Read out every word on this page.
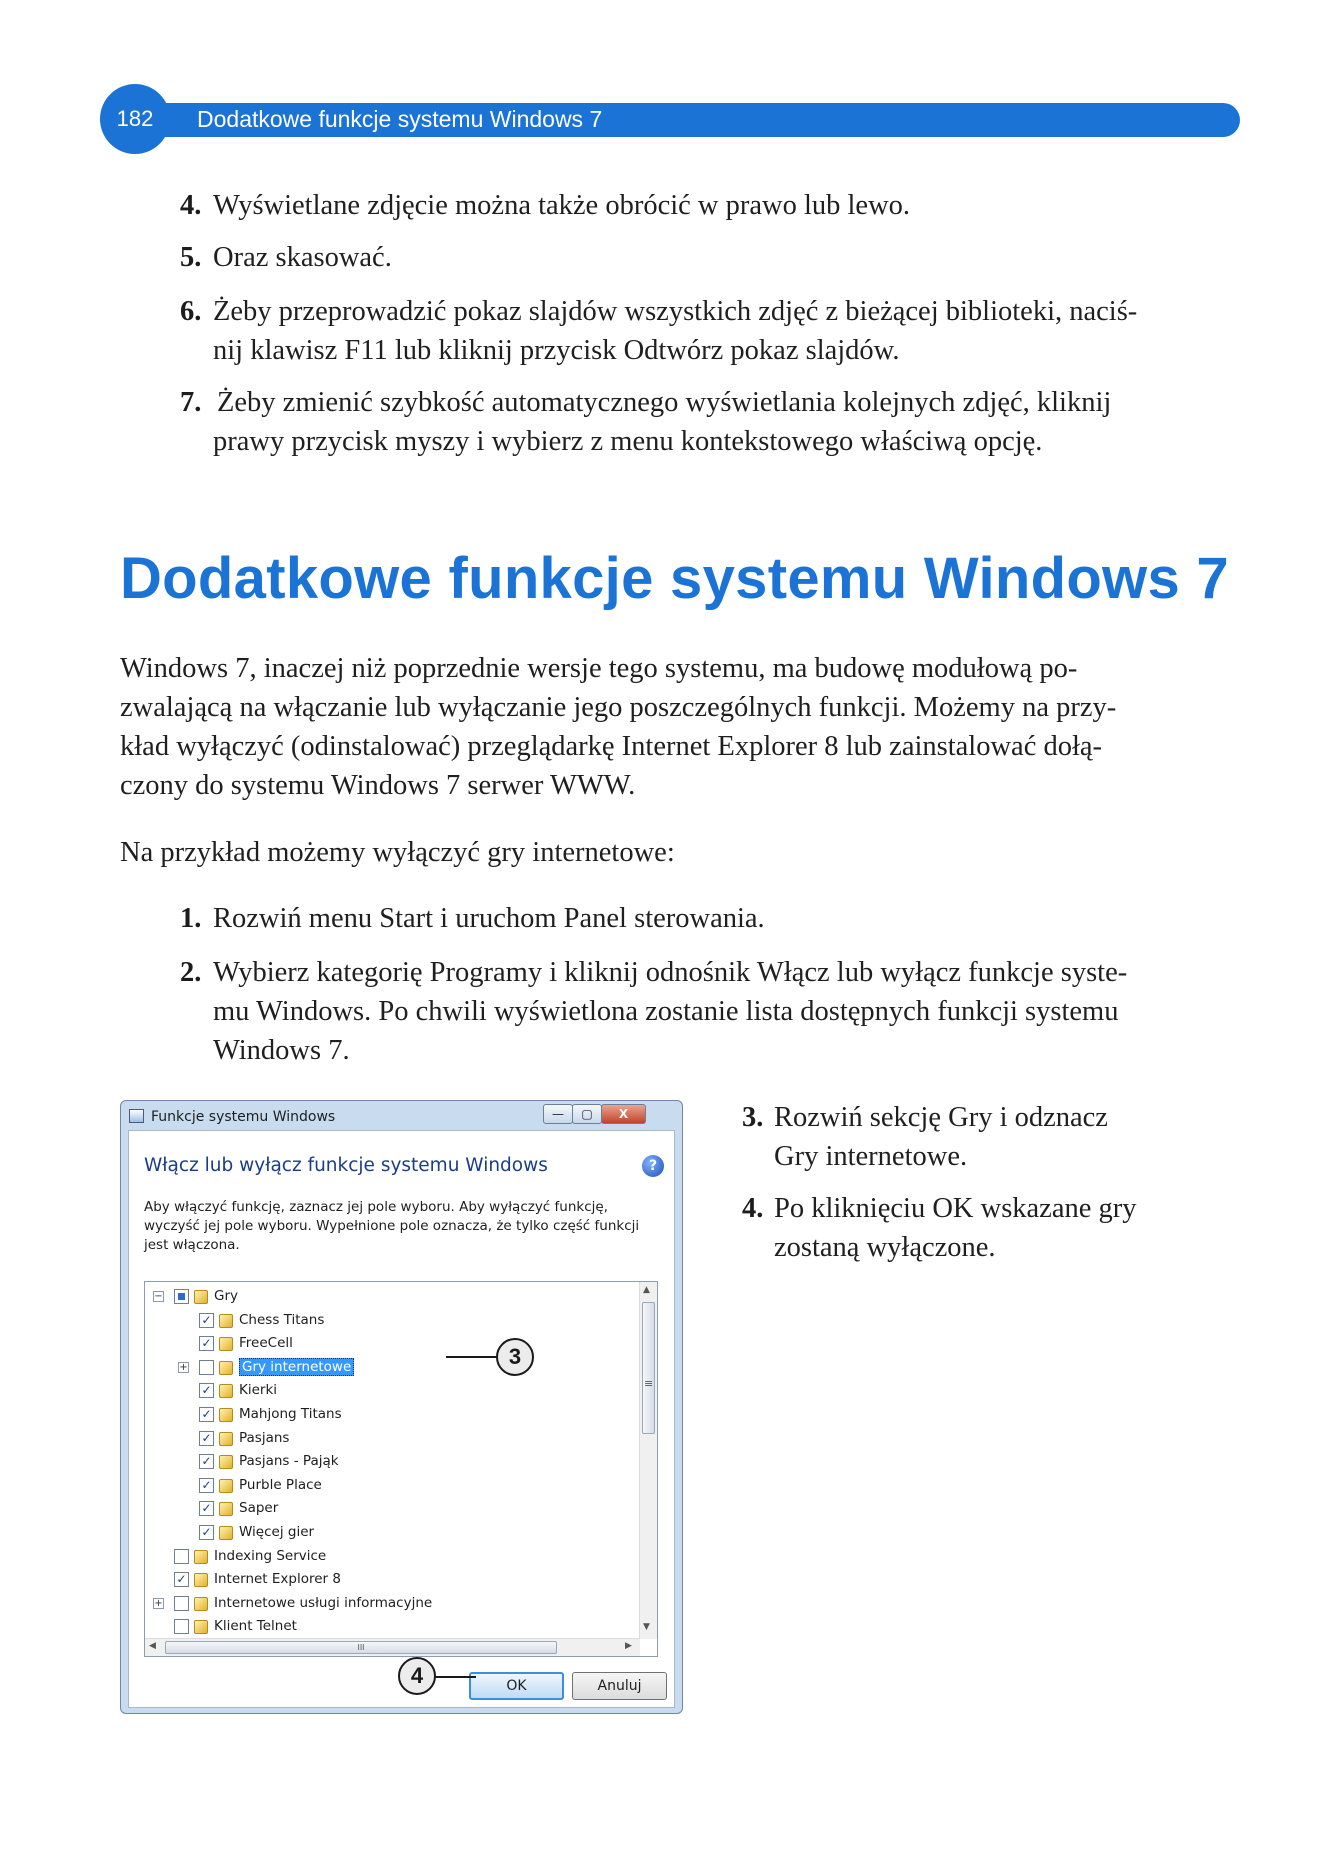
182	Dodatkowe funkcje systemu Windows 7
4. Wyświetlane zdjęcie można także obrócić w prawo lub lewo.
5. Oraz skasować.
6. Żeby przeprowadzić pokaz slajdów wszystkich zdjęć z bieżącej biblioteki, naciś-
nij klawisz F11 lub kliknij przycisk Odtwórz pokaz slajdów.
7. Żeby zmienić szybkość automatycznego wyświetlania kolejnych zdjęć, kliknij
prawy przycisk myszy i wybierz z menu kontekstowego właściwą opcję.
Dodatkowe funkcje systemu Windows 7
Windows 7, inaczej niż poprzednie wersje tego systemu, ma budowę modułową po-
zwalającą na włączanie lub wyłączanie jego poszczególnych funkcji. Możemy na przy-
kład wyłączyć (odinstalować) przeglądarkę Internet Explorer 8 lub zainstalować dołą-
czony do systemu Windows 7 serwer WWW.
Na przykład możemy wyłączyć gry internetowe:
1. Rozwiń menu Start i uruchom Panel sterowania.
2. Wybierz kategorię Programy i kliknij odnośnik Włącz lub wyłącz funkcje syste-
mu Windows. Po chwili wyświetlona zostanie lista dostępnych funkcji systemu
Windows 7.
3. Rozwiń sekcję Gry i odznacz
Gry internetowe.
4. Po kliknięciu OK wskazane gry
zostaną wyłączone.
Funkcje systemu Windows	—	▢	X
Włącz lub wyłącz funkcje systemu Windows	?
Aby włączyć funkcję, zaznacz jej pole wyboru. Aby wyłączyć funkcję,
wyczyść jej pole wyboru. Wypełnione pole oznacza, że tylko część funkcji
jest włączona.
▲
≡
▼
◀	III	▶
−	Gry
✓ Chess Titans
✓ FreeCell
+	Gry internetowe
✓ Kierki
✓ Mahjong Titans
✓ Pasjans
✓ Pasjans - Pająk
✓ Purble Place
✓ Saper
✓ Więcej gier
Indexing Service
✓ Internet Explorer 8
+	Internetowe usługi informacyjne
Klient Telnet
OK	Anuluj
3
4
